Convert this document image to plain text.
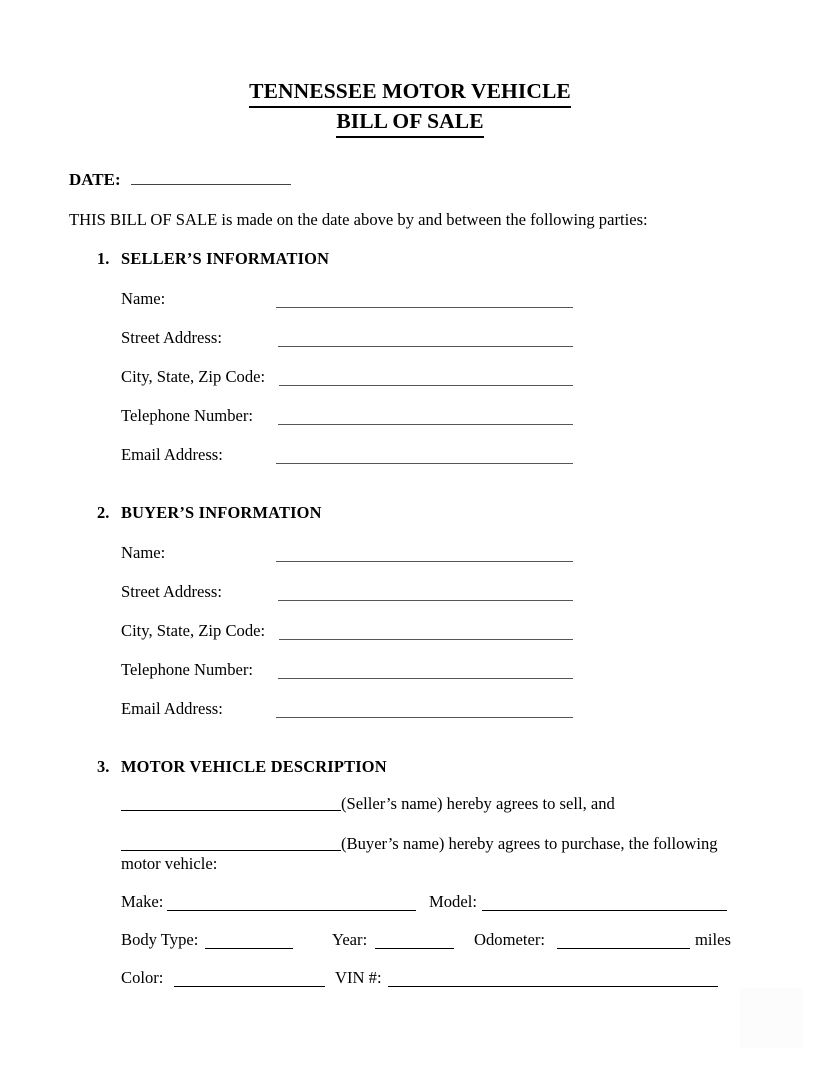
TENNESSEE MOTOR VEHICLE
BILL OF SALE
DATE:
THIS BILL OF SALE is made on the date above by and between the following parties:
1. SELLER’S INFORMATION
Name:
Street Address:
City, State, Zip Code:
Telephone Number:
Email Address:
2. BUYER’S INFORMATION
Name:
Street Address:
City, State, Zip Code:
Telephone Number:
Email Address:
3. MOTOR VEHICLE DESCRIPTION
(Seller’s name) hereby agrees to sell, and
(Buyer’s name) hereby agrees to purchase, the following
motor vehicle:
Make:	Model:
Body Type:	Year:	Odometer:	miles
Color:	VIN #:
